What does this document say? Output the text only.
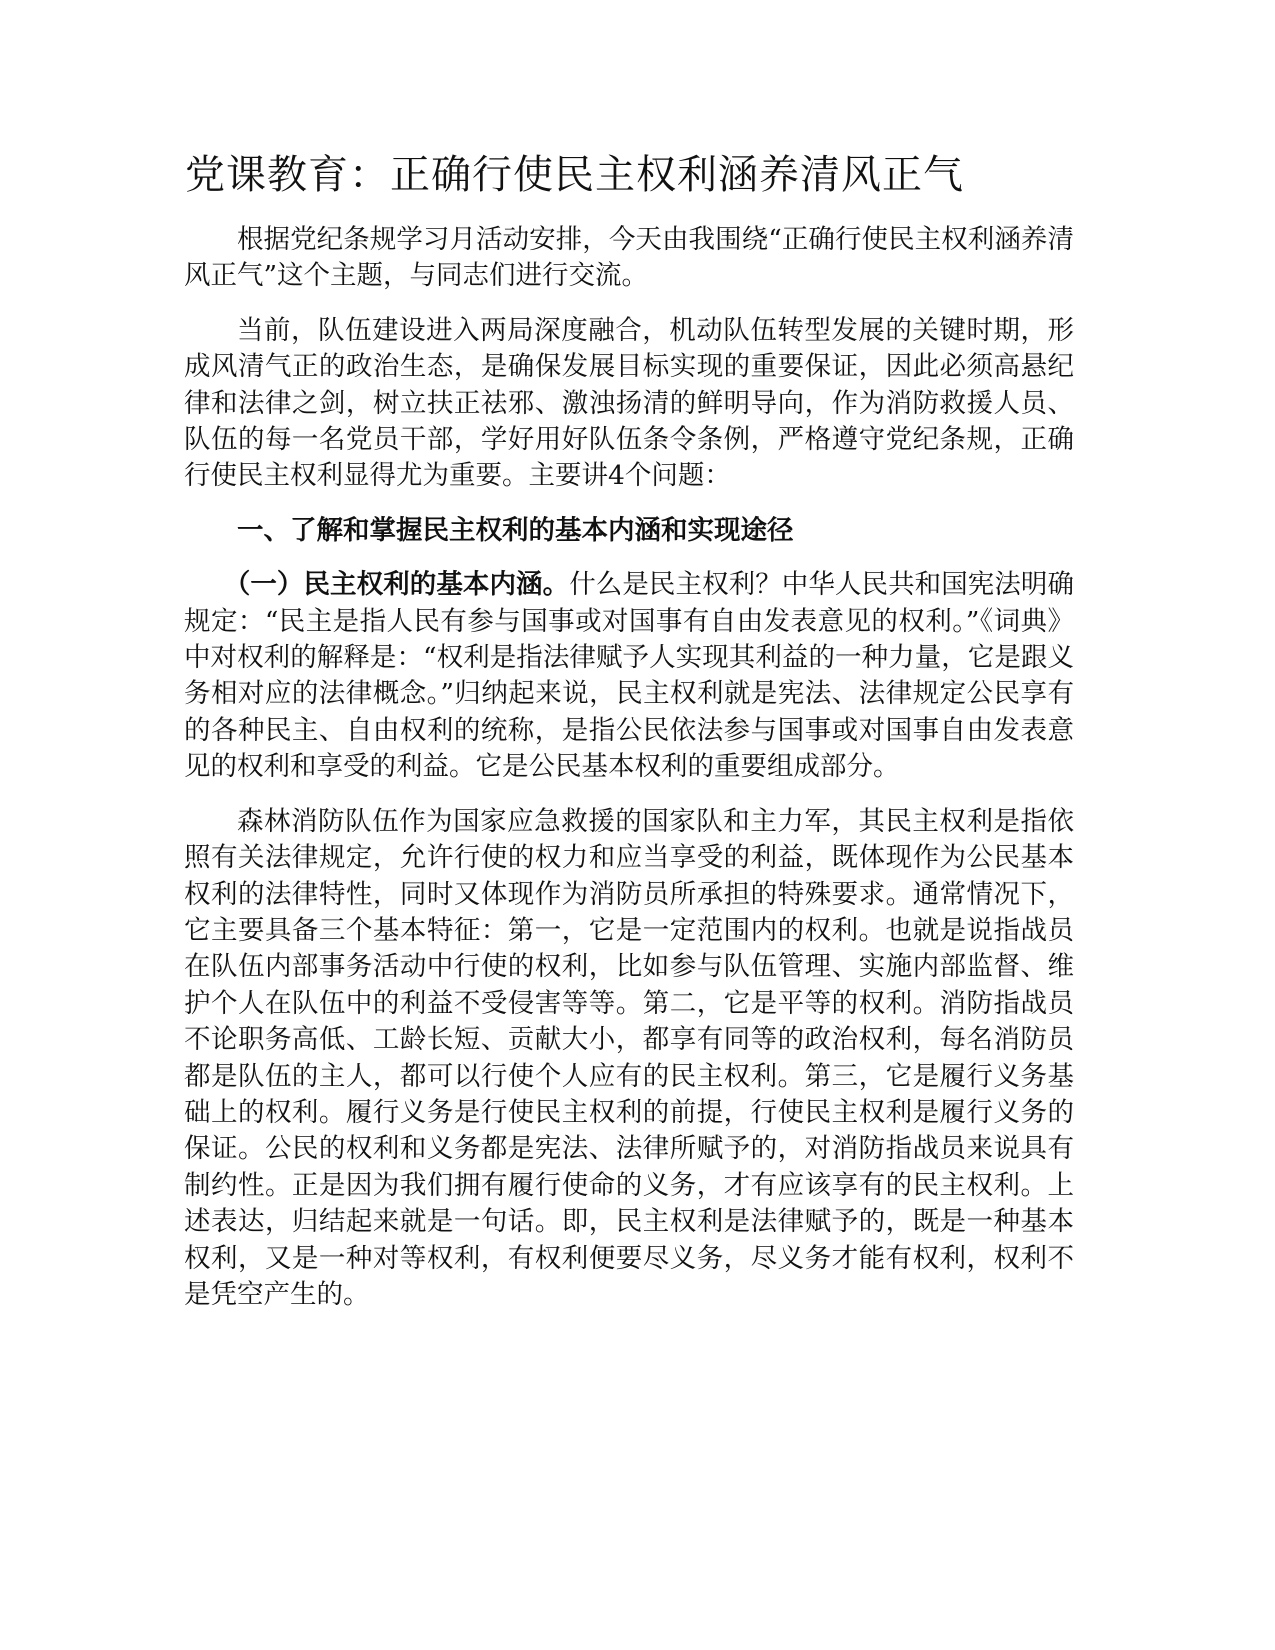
党课教育：正确行使民主权利涵养清风正气

根据党纪条规学习月活动安排，今天由我围绕“正确行使民主权利涵养清风正气”这个主题，与同志们进行交流。

当前，队伍建设进入两局深度融合，机动队伍转型发展的关键时期，形成风清气正的政治生态，是确保发展目标实现的重要保证，因此必须高悬纪律和法律之剑，树立扶正祛邪、激浊扬清的鲜明导向，作为消防救援人员、队伍的每一名党员干部，学好用好队伍条令条例，严格遵守党纪条规，正确行使民主权利显得尤为重要。主要讲4个问题：

一、了解和掌握民主权利的基本内涵和实现途径

（一）民主权利的基本内涵。什么是民主权利？中华人民共和国宪法明确规定：“民主是指人民有参与国事或对国事有自由发表意见的权利。”《词典》中对权利的解释是：“权利是指法律赋予人实现其利益的一种力量，它是跟义务相对应的法律概念。”归纳起来说，民主权利就是宪法、法律规定公民享有的各种民主、自由权利的统称，是指公民依法参与国事或对国事自由发表意见的权利和享受的利益。它是公民基本权利的重要组成部分。

森林消防队伍作为国家应急救援的国家队和主力军，其民主权利是指依照有关法律规定，允许行使的权力和应当享受的利益，既体现作为公民基本权利的法律特性，同时又体现作为消防员所承担的特殊要求。通常情况下，它主要具备三个基本特征：第一，它是一定范围内的权利。也就是说指战员在队伍内部事务活动中行使的权利，比如参与队伍管理、实施内部监督、维护个人在队伍中的利益不受侵害等等。第二，它是平等的权利。消防指战员不论职务高低、工龄长短、贡献大小，都享有同等的政治权利，每名消防员都是队伍的主人，都可以行使个人应有的民主权利。第三，它是履行义务基础上的权利。履行义务是行使民主权利的前提，行使民主权利是履行义务的保证。公民的权利和义务都是宪法、法律所赋予的，对消防指战员来说具有制约性。正是因为我们拥有履行使命的义务，才有应该享有的民主权利。上述表达，归结起来就是一句话。即，民主权利是法律赋予的，既是一种基本权利，又是一种对等权利，有权利便要尽义务，尽义务才能有权利，权利不是凭空产生的。
